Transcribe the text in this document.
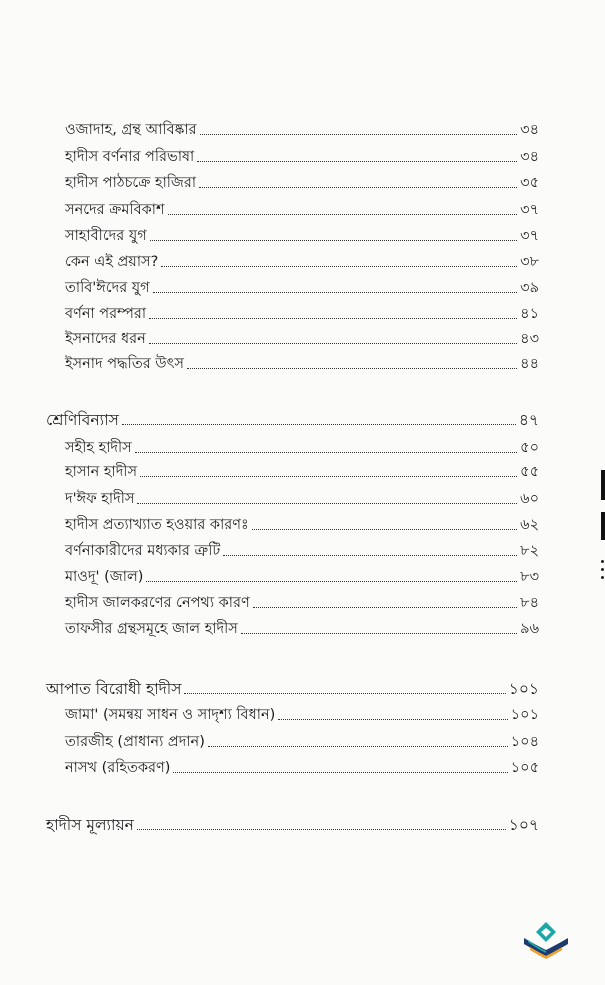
ওজাদাহ, গ্রন্থ আবিষ্কার	৩৪
হাদীস বর্ণনার পরিভাষা	৩৪
হাদীস পাঠচক্রে হাজিরা	৩৫
সনদের ক্রমবিকাশ	৩৭
সাহাবীদের যুগ	৩৭
কেন এই প্রয়াস?	৩৮
তাবি'ঈদের যুগ	৩৯
বর্ণনা পরম্পরা	৪১
ইসনাদের ধরন	৪৩
ইসনাদ পদ্ধতির উৎস	৪৪
শ্রেণিবিন্যাস	৪৭
সহীহ হাদীস	৫০
হাসান হাদীস	৫৫
দ'ঈফ হাদীস	৬০
হাদীস প্রত্যাখ্যাত হওয়ার কারণঃ	৬২
বর্ণনাকারীদের মধ্যকার ত্রুটি	৮২
মাওদূ' (জাল)	৮৩
হাদীস জালকরণের নেপথ্য কারণ	৮৪
তাফসীর গ্রন্থসমূহে জাল হাদীস	৯৬
আপাত বিরোধী হাদীস	১০১
জামা' (সমন্বয় সাধন ও সাদৃশ্য বিধান)	১০১
তারজীহ (প্রাধান্য প্রদান)	১০৪
নাসখ (রহিতকরণ)	১০৫
হাদীস মূল্যায়ন	১০৭
